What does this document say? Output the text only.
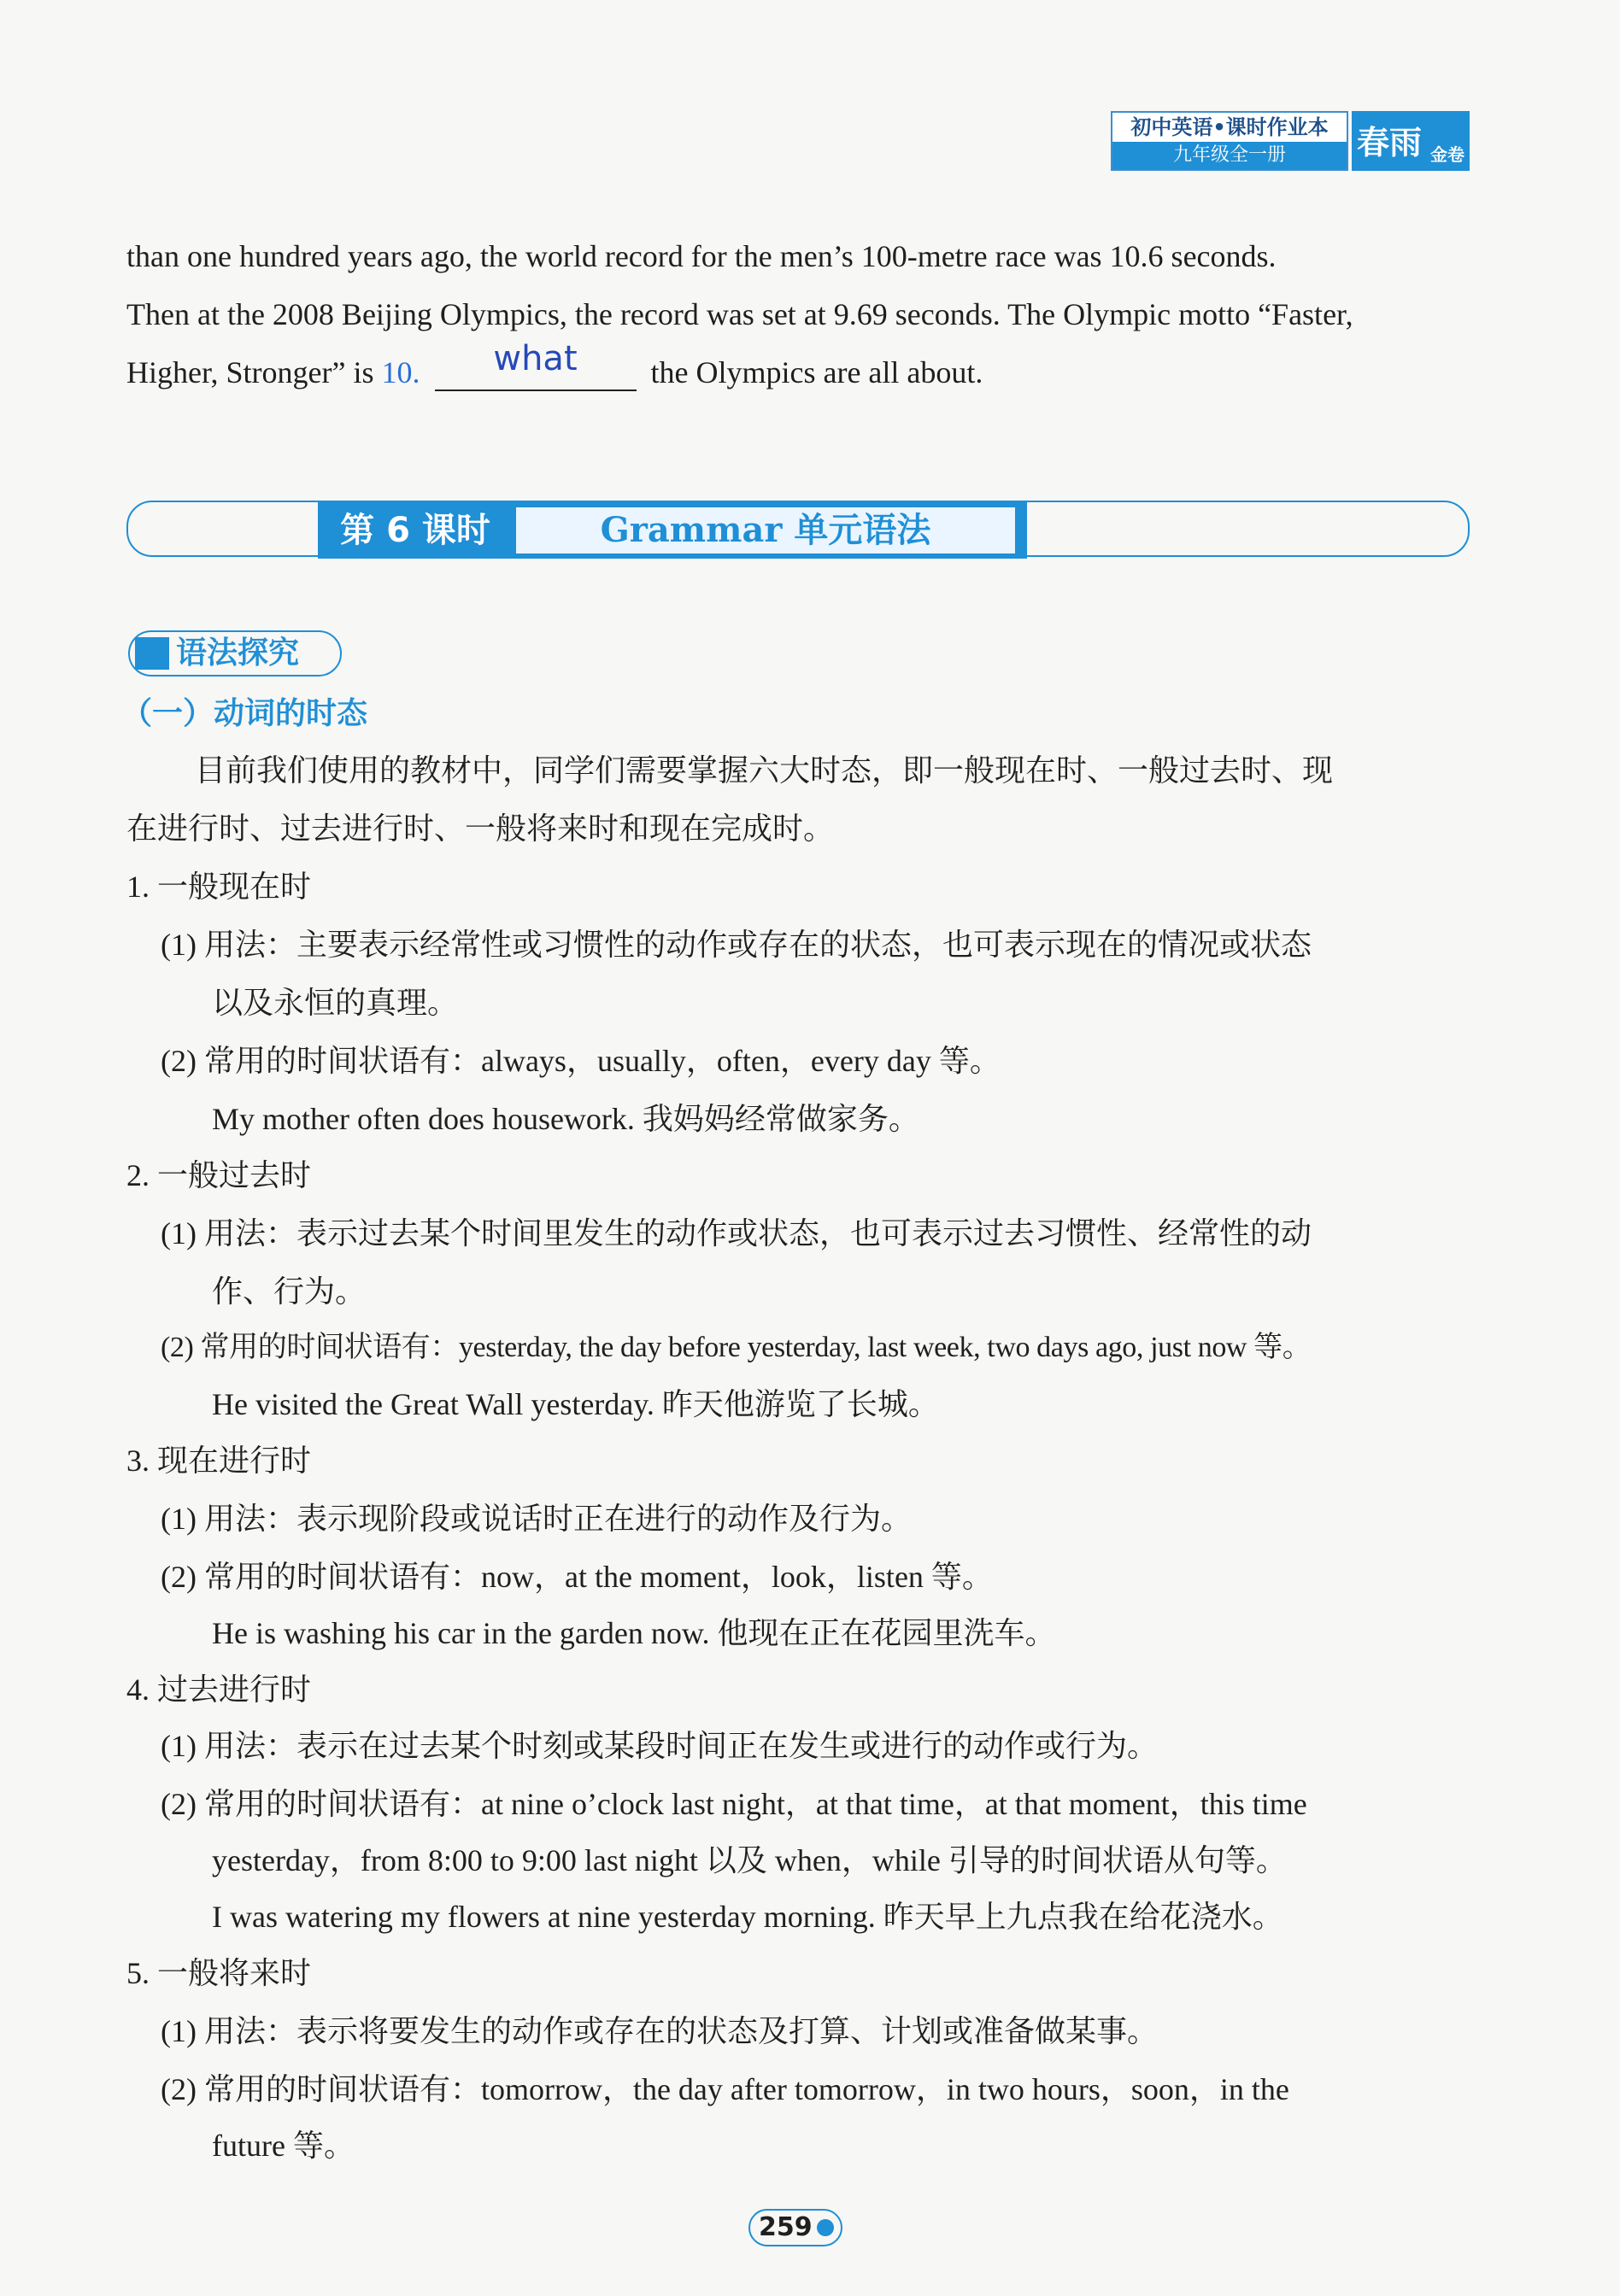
初中英语•课时作业本
九年级全一册	春雨 金卷
than one hundred years ago, the world record for the men’s 100-metre race was 10.6 seconds.
Then at the 2008 Beijing Olympics, the record was set at 9.69 seconds. The Olympic motto “Faster,
Higher, Stronger” is 10.	what	the Olympics are all about.
第 6 课时	Grammar 单元语法
语法探究
（一）动词的时态
目前我们使用的教材中，同学们需要掌握六大时态，即一般现在时、一般过去时、现
在进行时、过去进行时、一般将来时和现在完成时。
1. 一般现在时
(1) 用法：主要表示经常性或习惯性的动作或存在的状态，也可表示现在的情况或状态
以及永恒的真理。
(2) 常用的时间状语有：always，usually，often，every day 等。
My mother often does housework. 我妈妈经常做家务。
2. 一般过去时
(1) 用法：表示过去某个时间里发生的动作或状态，也可表示过去习惯性、经常性的动
作、行为。
(2) 常用的时间状语有：yesterday, the day before yesterday, last week, two days ago, just now 等。
He visited the Great Wall yesterday. 昨天他游览了长城。
3. 现在进行时
(1) 用法：表示现阶段或说话时正在进行的动作及行为。
(2) 常用的时间状语有：now，at the moment，look，listen 等。
He is washing his car in the garden now. 他现在正在花园里洗车。
4. 过去进行时
(1) 用法：表示在过去某个时刻或某段时间正在发生或进行的动作或行为。
(2) 常用的时间状语有：at nine o’clock last night，at that time，at that moment，this time
yesterday，from 8:00 to 9:00 last night 以及 when，while 引导的时间状语从句等。
I was watering my flowers at nine yesterday morning. 昨天早上九点我在给花浇水。
5. 一般将来时
(1) 用法：表示将要发生的动作或存在的状态及打算、计划或准备做某事。
(2) 常用的时间状语有：tomorrow，the day after tomorrow，in two hours，soon，in the
future 等。
259
